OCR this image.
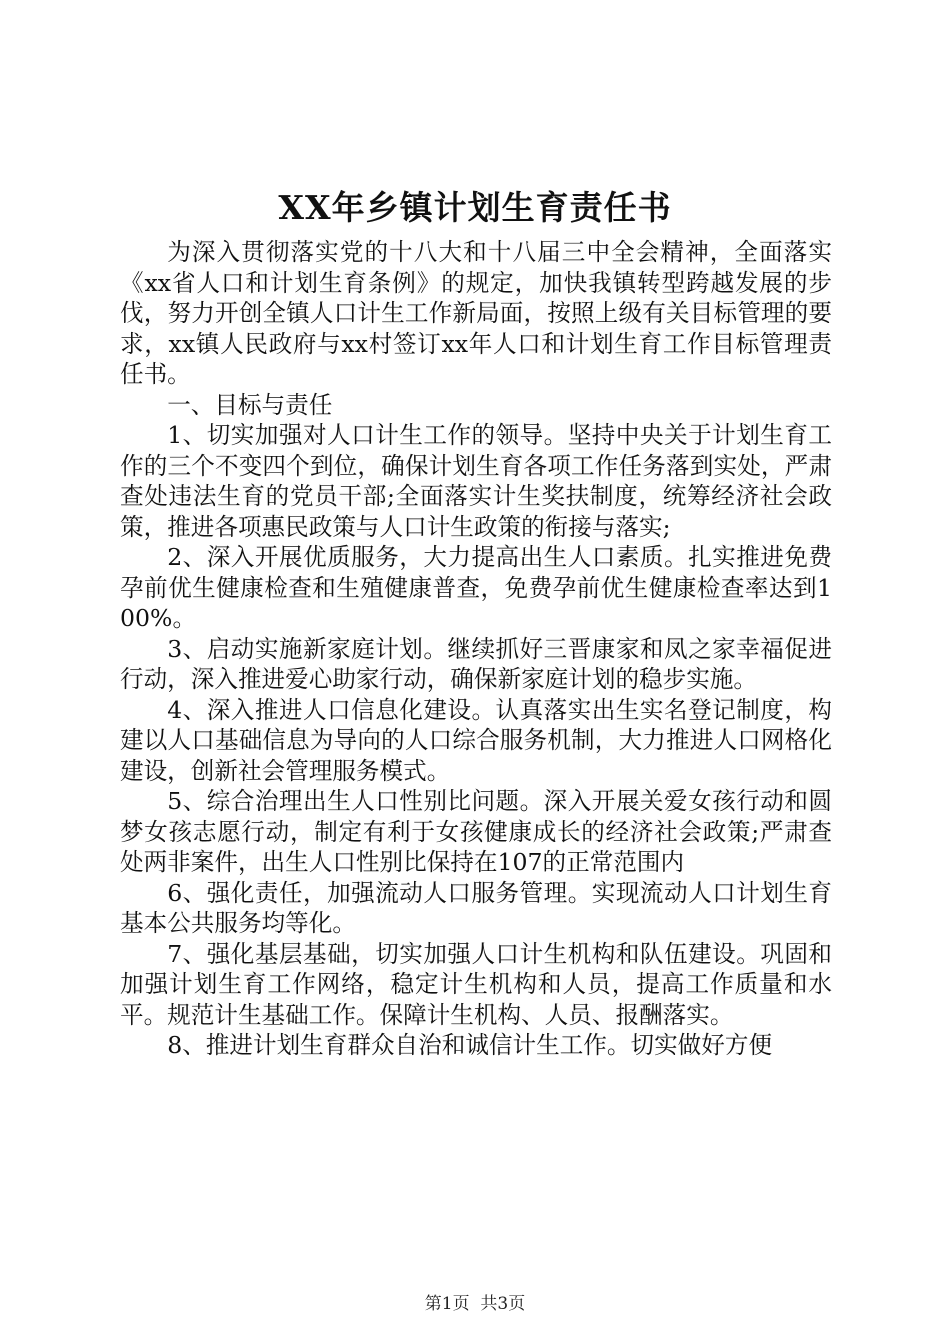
XX年乡镇计划生育责任书

为深入贯彻落实党的十八大和十八届三中全会精神，全面落实《xx省人口和计划生育条例》的规定，加快我镇转型跨越发展的步伐，努力开创全镇人口计生工作新局面，按照上级有关目标管理的要求，xx镇人民政府与xx村签订xx年人口和计划生育工作目标管理责任书。

一、目标与责任

1、切实加强对人口计生工作的领导。坚持中央关于计划生育工作的三个不变四个到位，确保计划生育各项工作任务落到实处，严肃查处违法生育的党员干部;全面落实计生奖扶制度，统筹经济社会政策，推进各项惠民政策与人口计生政策的衔接与落实;

2、深入开展优质服务，大力提高出生人口素质。扎实推进免费孕前优生健康检查和生殖健康普查，免费孕前优生健康检查率达到100%。

3、启动实施新家庭计划。继续抓好三晋康家和凤之家幸福促进行动，深入推进爱心助家行动，确保新家庭计划的稳步实施。

4、深入推进人口信息化建设。认真落实出生实名登记制度，构建以人口基础信息为导向的人口综合服务机制，大力推进人口网格化建设，创新社会管理服务模式。

5、综合治理出生人口性别比问题。深入开展关爱女孩行动和圆梦女孩志愿行动，制定有利于女孩健康成长的经济社会政策;严肃查处两非案件，出生人口性别比保持在107的正常范围内

6、强化责任，加强流动人口服务管理。实现流动人口计划生育基本公共服务均等化。

7、强化基层基础，切实加强人口计生机构和队伍建设。巩固和加强计划生育工作网络，稳定计生机构和人员，提高工作质量和水平。规范计生基础工作。保障计生机构、人员、报酬落实。

8、推进计划生育群众自治和诚信计生工作。切实做好方便

第1页 共3页
